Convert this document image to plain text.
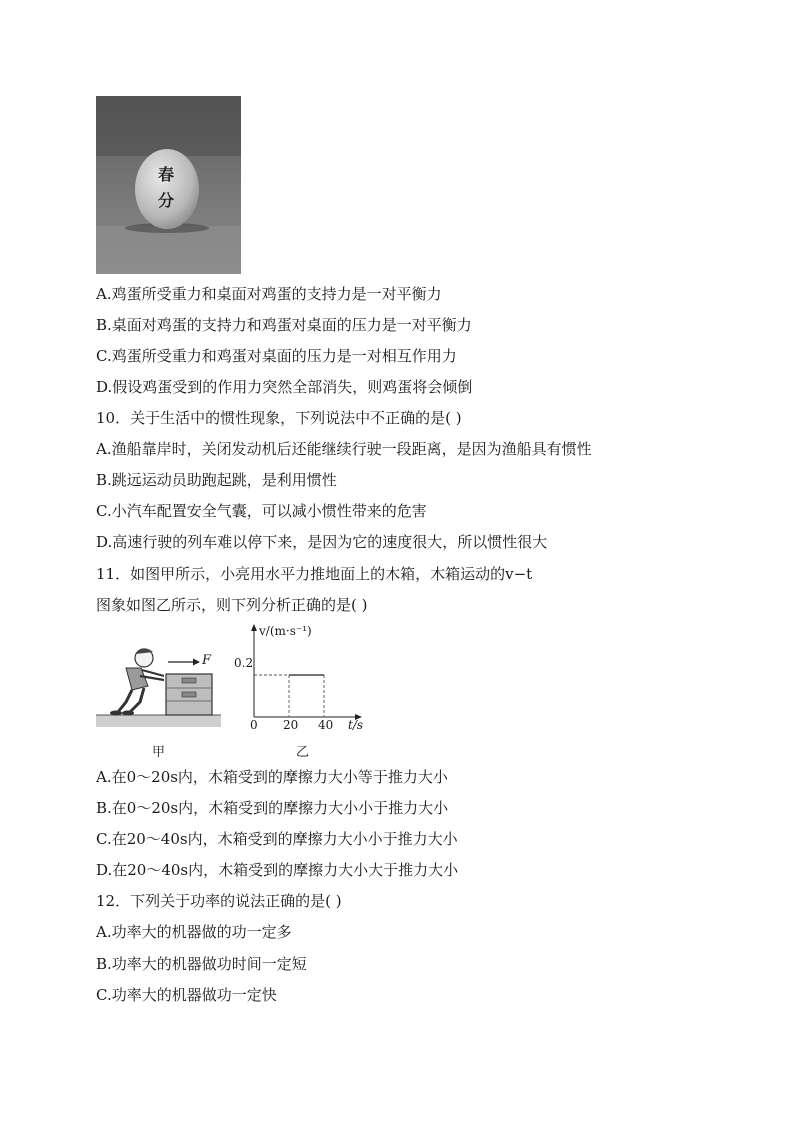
春
分
A.鸡蛋所受重力和桌面对鸡蛋的支持力是一对平衡力
B.桌面对鸡蛋的支持力和鸡蛋对桌面的压力是一对平衡力
C.鸡蛋所受重力和鸡蛋对桌面的压力是一对相互作用力
D.假设鸡蛋受到的作用力突然全部消失，则鸡蛋将会倾倒
10．关于生活中的惯性现象，下列说法中不正确的是( )
A.渔船靠岸时，关闭发动机后还能继续行驶一段距离，是因为渔船具有惯性
B.跳远运动员助跑起跳，是利用惯性
C.小汽车配置安全气囊，可以减小惯性带来的危害
D.高速行驶的列车难以停下来，是因为它的速度很大，所以惯性很大
11．如图甲所示，小亮用水平力推地面上的木箱，木箱运动的v−t
图象如图乙所示，则下列分析正确的是( )
F
甲
v/(m·s⁻¹)
t/s
0.2
0 20 40
乙
A.在0～20s内，木箱受到的摩擦力大小等于推力大小
B.在0～20s内，木箱受到的摩擦力大小小于推力大小
C.在20～40s内，木箱受到的摩擦力大小小于推力大小
D.在20～40s内，木箱受到的摩擦力大小大于推力大小
12．下列关于功率的说法正确的是( )
A.功率大的机器做的功一定多
B.功率大的机器做功时间一定短
C.功率大的机器做功一定快
